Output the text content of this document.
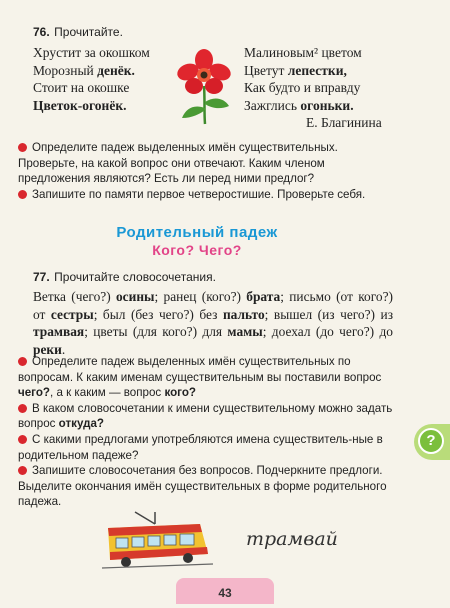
76. Прочитайте.
Хрустит за окошком
Морозный денёк.
Стоит на окошке
Цветок-огонёк.
Малиновым² цветом
Цветут лепестки,
Как будто и вправду
Зажглись огоньки.
Е. Благинина
Определите падеж выделенных имён существительных. Проверьте, на какой вопрос они отвечают. Каким членом предложения являются? Есть ли перед ними предлог?
Запишите по памяти первое четверостишие. Проверьте себя.
Родительный падеж
Кого? Чего?
77. Прочитайте словосочетания.
Ветка (чего?) осины; ранец (кого?) брата; письмо (от кого?) от сестры; был (без чего?) без пальто; вышел (из чего?) из трамвая; цветы (для кого?) для мамы; доехал (до чего?) до реки.
Определите падеж выделенных имён существительных по вопросам. К каким именам существительным вы поставили вопрос чего?, а к каким — вопрос кого?
В каком словосочетании к имени существительному можно задать вопрос откуда?
С какими предлогами употребляются имена существитель-ные в родительном падеже?
Запишите словосочетания без вопросов. Подчеркните предлоги. Выделите окончания имён существительных в форме родительного падежа.
трамвай
?
43
